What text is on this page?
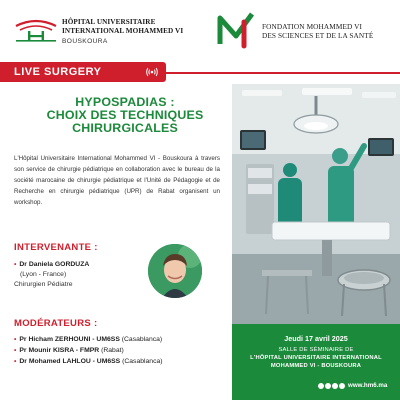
HÔPITAL UNIVERSITAIRE
INTERNATIONAL MOHAMMED VI
BOUSKOURA
FONDATION MOHAMMED VI
DES SCIENCES ET DE LA SANTÉ
LIVE SURGERY
HYPOSPADIAS :
CHOIX DES TECHNIQUES
CHIRURGICALES

L'Hôpital Universitaire International Mohammed VI - Bouskoura à travers son service de chirurgie pédiatrique en collaboration avec le bureau de la société marocaine de chirurgie pédiatrique et l'Unité de Pédagogie et de Recherche en chirurgie pédiatrique (UPR) de Rabat organisent un workshop.

INTERVENANTE :
• Dr Daniela GORDUZA
(Lyon - France)
Chirurgien Pédiatre
MODÉRATEURS :
• Pr Hicham ZERHOUNI - UM6SS (Casablanca)
• Pr Mounir KISRA - FMPR (Rabat)
• Dr Mohamed LAHLOU - UM6SS (Casablanca)
Jeudi 17 avril 2025
SALLE DE SÉMINAIRE DE
L'HÔPITAL UNIVERSITAIRE INTERNATIONAL
MOHAMMED VI - BOUSKOURA
www.hm6.ma
